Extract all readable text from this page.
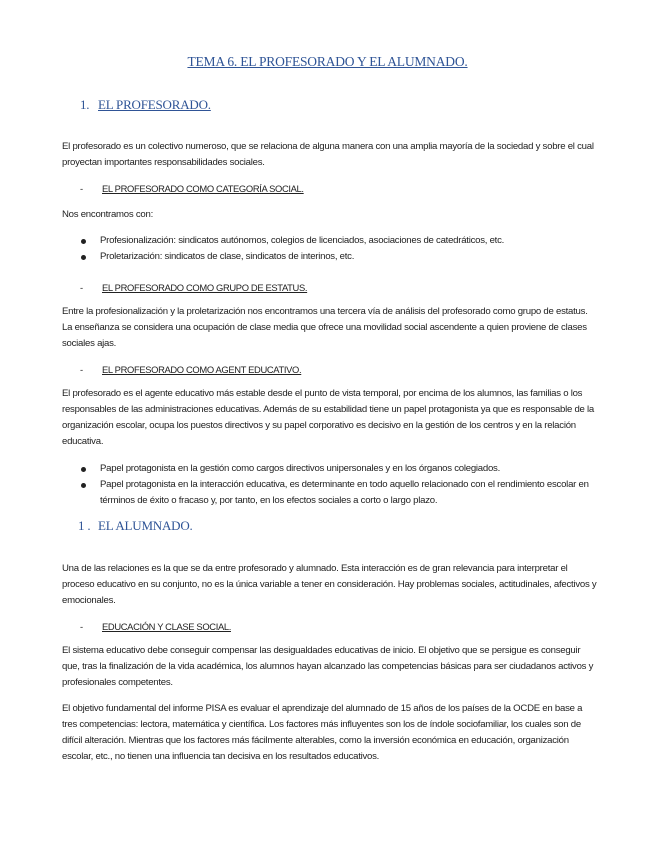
TEMA 6. EL PROFESORADO Y EL ALUMNADO.
1. EL PROFESORADO.
El profesorado es un colectivo numeroso, que se relaciona de alguna manera con una amplia mayoría de la sociedad y sobre el cual proyectan importantes responsabilidades sociales.
- EL PROFESORADO COMO CATEGORÍA SOCIAL.
Nos encontramos con:
Profesionalización: sindicatos autónomos, colegios de licenciados, asociaciones de catedráticos, etc.
Proletarización: sindicatos de clase, sindicatos de interinos, etc.
- EL PROFESORADO COMO GRUPO DE ESTATUS.
Entre la profesionalización y la proletarización nos encontramos una tercera vía de análisis del profesorado como grupo de estatus. La enseñanza se considera una ocupación de clase media que ofrece una movilidad social ascendente a quien proviene de clases sociales ajas.
- EL PROFESORADO COMO AGENT EDUCATIVO.
El profesorado es el agente educativo más estable desde el punto de vista temporal, por encima de los alumnos, las familias o los responsables de las administraciones educativas. Además de su estabilidad tiene un papel protagonista ya que es responsable de la organización escolar, ocupa los puestos directivos y su papel corporativo es decisivo en la gestión de los centros y en la relación educativa.
Papel protagonista en la gestión como cargos directivos unipersonales y en los órganos colegiados.
Papel protagonista en la interacción educativa, es determinante en todo aquello relacionado con el rendimiento escolar en términos de éxito o fracaso y, por tanto, en los efectos sociales a corto o largo plazo.
1 . EL ALUMNADO.
Una de las relaciones es la que se da entre profesorado y alumnado. Esta interacción es de gran relevancia para interpretar el proceso educativo en su conjunto, no es la única variable a tener en consideración. Hay problemas sociales, actitudinales, afectivos y emocionales.
- EDUCACIÓN Y CLASE SOCIAL.
El sistema educativo debe conseguir compensar las desigualdades educativas de inicio. El objetivo que se persigue es conseguir que, tras la finalización de la vida académica, los alumnos hayan alcanzado las competencias básicas para ser ciudadanos activos y profesionales competentes.
El objetivo fundamental del informe PISA es evaluar el aprendizaje del alumnado de 15 años de los países de la OCDE en base a tres competencias: lectora, matemática y científica. Los factores más influyentes son los de índole sociofamiliar, los cuales son de difícil alteración. Mientras que los factores más fácilmente alterables, como la inversión económica en educación, organización escolar, etc., no tienen una influencia tan decisiva en los resultados educativos.
